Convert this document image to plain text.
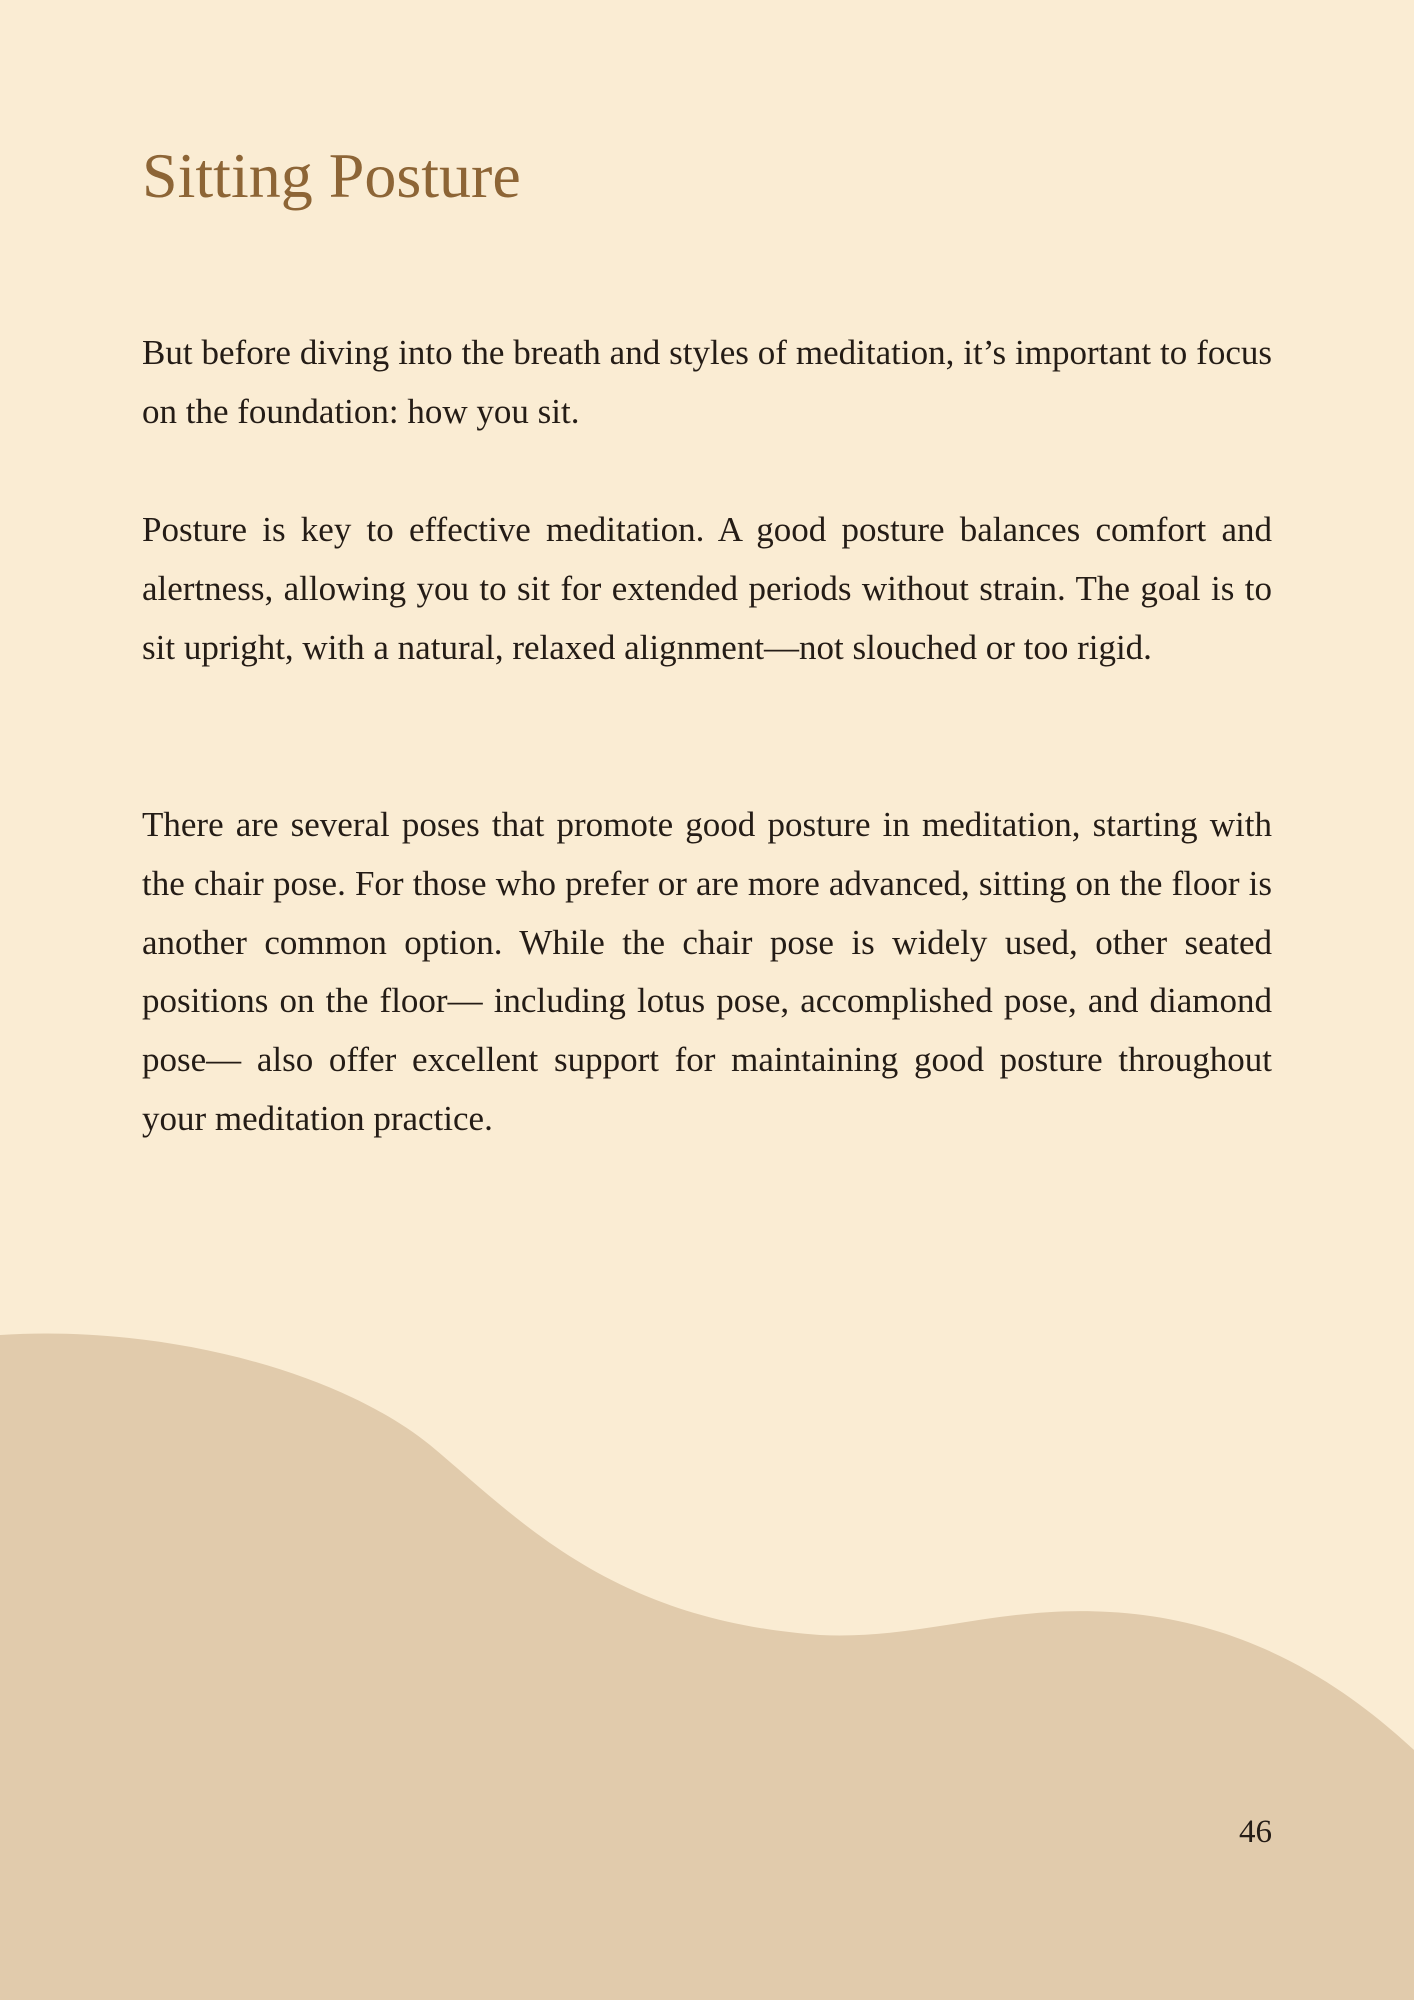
Sitting Posture

But before diving into the breath and styles of meditation, it’s important to focus on the foundation: how you sit.

Posture is key to effective meditation. A good posture balances comfort and alertness, allowing you to sit for extended periods without strain. The goal is to sit upright, with a natural, relaxed alignment—not slouched or too rigid.

There are several poses that promote good posture in meditation, starting with the chair pose. For those who prefer or are more advanced, sitting on the floor is another common option. While the chair pose is widely used, other seated positions on the floor— including lotus pose, accomplished pose, and diamond pose— also offer excellent support for maintaining good posture throughout your meditation practice.

46
